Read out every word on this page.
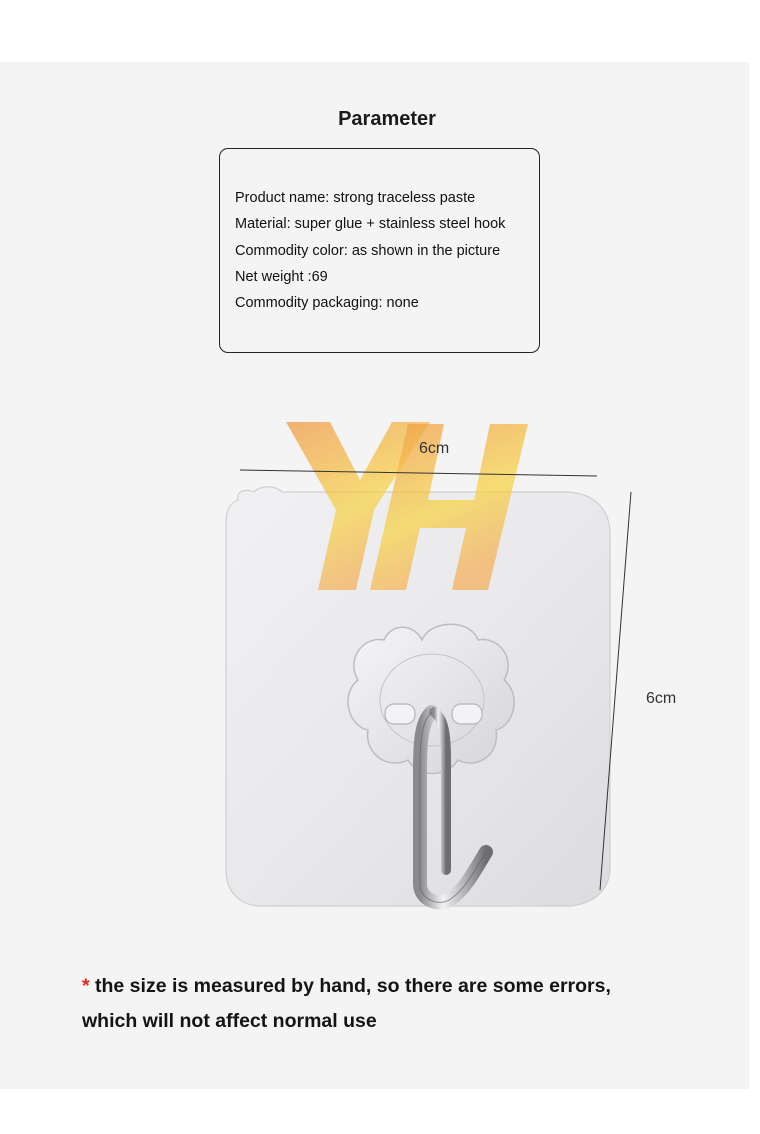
Parameter
Product name: strong traceless paste
Material: super glue + stainless steel hook
Commodity color: as shown in the picture
Net weight :69
Commodity packaging: none
6cm
6cm
* the size is measured by hand, so there are some errors,
which will not affect normal use
